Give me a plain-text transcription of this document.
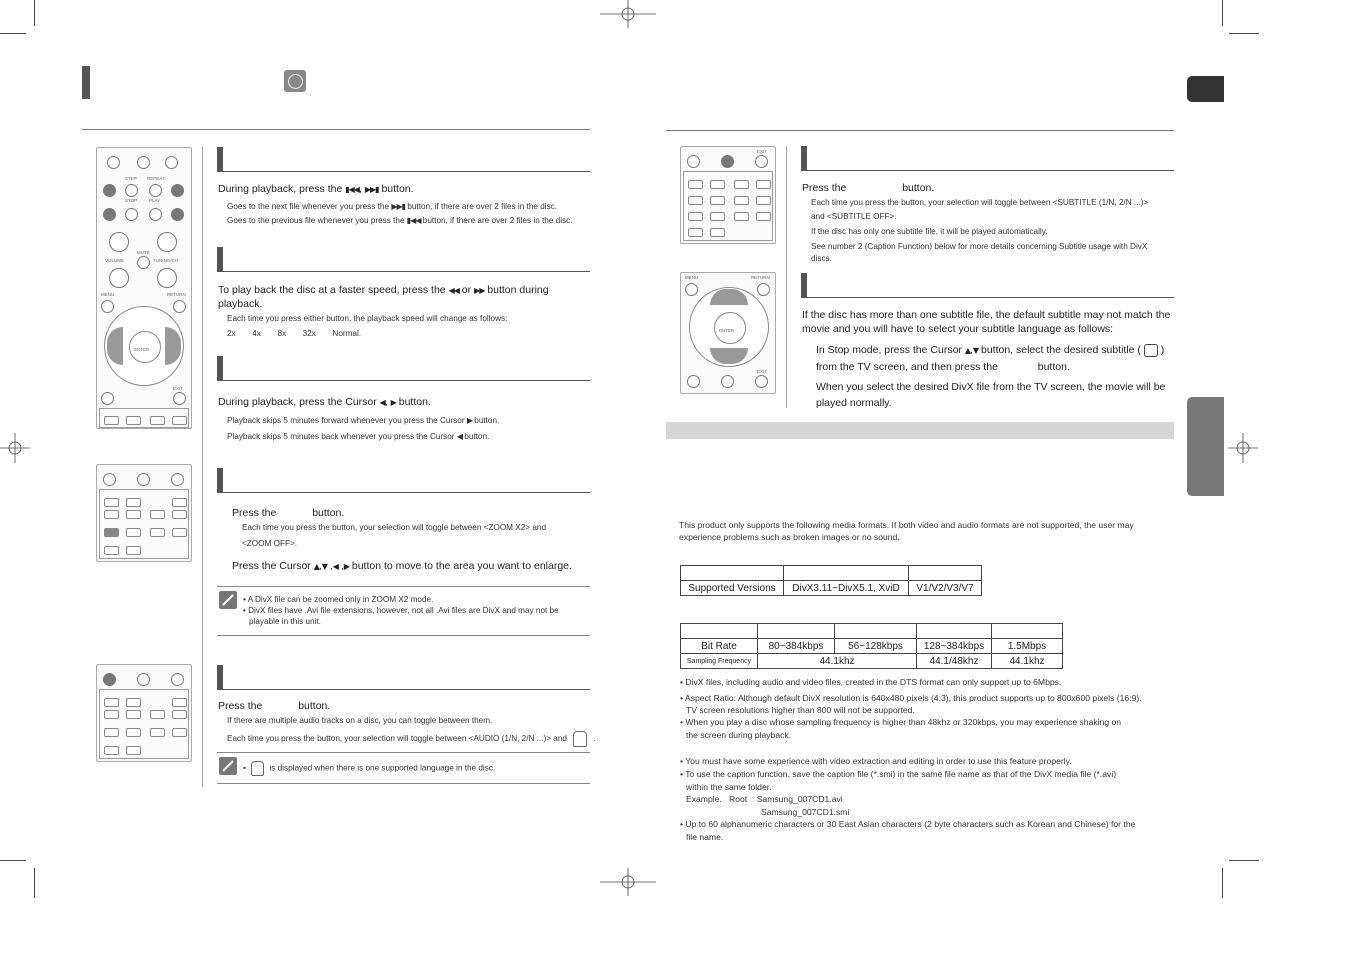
STEP REPEAT
STOP	PLAY
MUTE
VOLUME	TUNING/CH
MENU	RETURN
ENTER
EXIT
During playback, press the ▮◀◀, ▶▶▮ button.
Goes to the next file whenever you press the ▶▶▮ button, if there are over 2 files in the disc.
Goes to the previous file whenever you press the ▮◀◀ button, if there are over 2 files in the disc.
To play back the disc at a faster speed, press the ◀◀ or ▶▶ button during
playback.
Each time you press either button, the playback speed will change as follows:
2x 4x 8x 32x Normal.
During playback, press the Cursor ◀, ▶ button.
Playback skips 5 minutes forward whenever you press the Cursor ▶ button.
Playback skips 5 minutes back whenever you press the Cursor ◀ button.
Press the	button.
Each time you press the button, your selection will toggle between <ZOOM X2> and
<ZOOM OFF>.
Press the Cursor ▲,▼ ,◀ ,▶ button to move to the area you want to enlarge.
• A DivX file can be zoomed only in ZOOM X2 mode.
• DivX files have .Avi file extensions, however, not all .Avi files are DivX and may not be
playable in this unit.
Press the	button.
If there are multiple audio tracks on a disc, you can toggle between them.
Each time you press the button, your selection will toggle between <AUDIO (1/N, 2/N ...)> and	.
•	is displayed when there is one supported language in the disc.
EXIT
MENU	RETURN
ENTER
EXIT
Press the	button.
Each time you press the button, your selection will toggle between <SUBTITLE (1/N, 2/N ...)>
and <SUBTITLE OFF>.
If the disc has only one subtitle file, it will be played automatically.
See number 2 (Caption Function) below for more details concerning Subtitle usage with DivX
discs.
If the disc has more than one subtitle file, the default subtitle may not match the
movie and you will have to select your subtitle language as follows:
In Stop mode, press the Cursor ▲,▼ button, select the desired subtitle ( )
from the TV screen, and then press the	button.
When you select the desired DivX file from the TV screen, the movie will be
played normally.
This product only supports the following media formats. If both video and audio formats are not supported, the user may
experience problems such as broken images or no sound.

Supported Versions	DivX3.11~DivX5.1, XviD	V1/V2/V3/V7

Bit Rate	80~384kbps	56~128kbps	128~384kbps	1.5Mbps
Sampling Frequency	44.1khz		44.1/48khz	44.1khz
• DivX files, including audio and video files, created in the DTS format can only support up to 6Mbps.
• Aspect Ratio: Although default DivX resolution is 640x480 pixels (4:3), this product supports up to 800x600 pixels (16:9).
TV screen resolutions higher than 800 will not be supported.
• When you play a disc whose sampling frequency is higher than 48khz or 320kbps, you may experience shaking on
the screen during playback.
• You must have some experience with video extraction and editing in order to use this feature properly.
• To use the caption function, save the caption file (*.smi) in the same file name as that of the DivX media file (*.avi)
within the same folder.
Example.   Root    Samsung_007CD1.avi
Samsung_007CD1.smi
• Up to 60 alphanumeric characters or 30 East Asian characters (2 byte characters such as Korean and Chinese) for the
file name.
